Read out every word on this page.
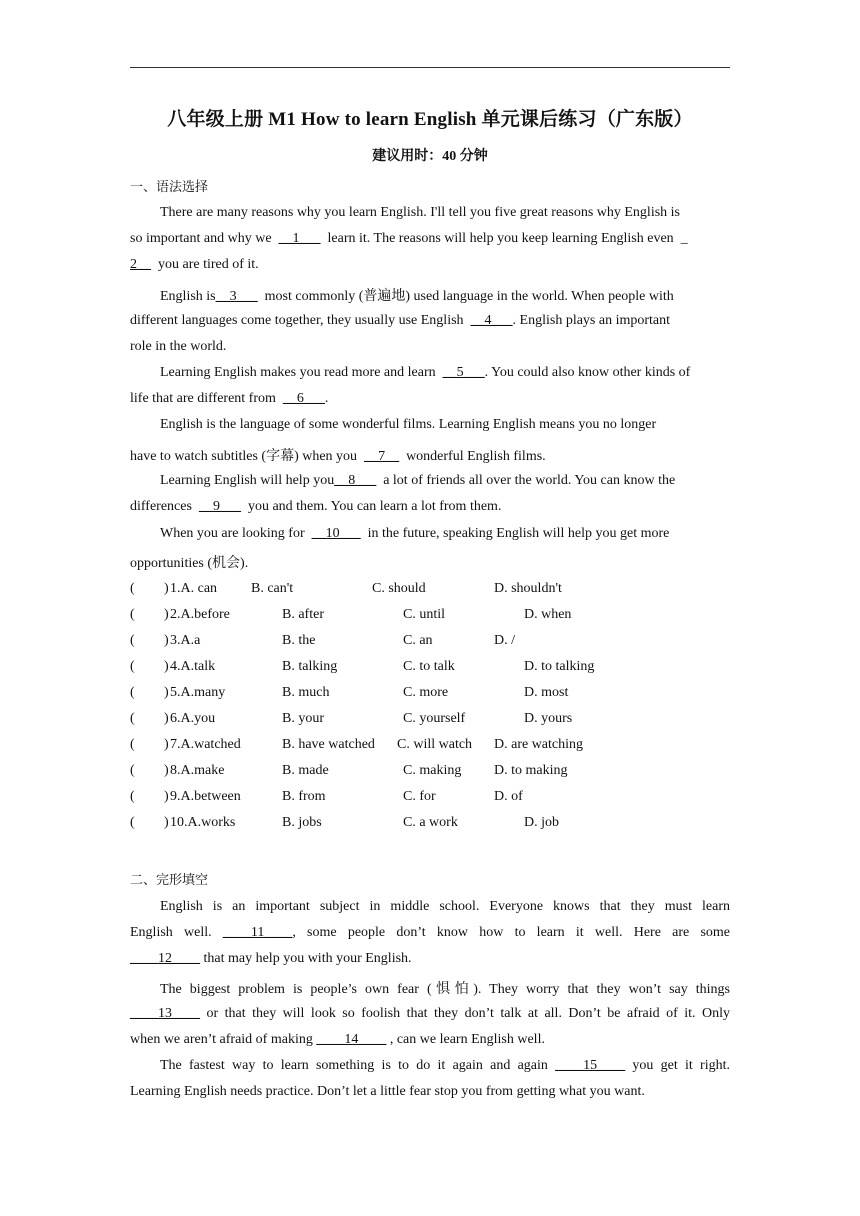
八年级上册 M1 How to learn English 单元课后练习（广东版）
建议用时：40 分钟
一、语法选择
There are many reasons why you learn English. I'll tell you five great reasons why English is
so important and why we __1___ learn it. The reasons will help you keep learning English even _
2__ you are tired of it.
English is__3___ most commonly (普遍地) used language in the world. When people with
different languages come together, they usually use English __4___. English plays an important
role in the world.
Learning English makes you read more and learn __5___. You could also know other kinds of
life that are different from __6___.
English is the language of some wonderful films. Learning English means you no longer
have to watch subtitles (字幕) when you __7__ wonderful English films.
Learning English will help you__8___ a lot of friends all over the world. You can know the
differences __9___ you and them. You can learn a lot from them.
When you are looking for __10___ in the future, speaking English will help you get more
opportunities (机会).
( ) 1.A. can B. can't	C. should	D. shouldn't
( ) 2.A.before	B. after	C. until	D. when
( ) 3.A.a	B. the	C. an	D. /
( ) 4.A.talk	B. talking	C. to talk	D. to talking
( ) 5.A.many	B. much	C. more	D. most
( ) 6.A.you	B. your	C. yourself	D. yours
( ) 7.A.watched	B. have watched C. will watch D. are watching
( ) 8.A.make	B. made	C. making D. to making
( ) 9.A.between	B. from	C. for	D. of
( ) 10.A.works	B. jobs	C. a work	D. job
二、完形填空
English is an important subject in middle school. Everyone knows that they must learn
English well. ____11____, some people don’t know how to learn it well. Here are some
____12____ that may help you with your English.
The biggest problem is people’s own fear (惧怕). They worry that they won’t say things
____13____ or that they will look so foolish that they don’t talk at all. Don’t be afraid of it. Only
when we aren’t afraid of making ____14____ , can we learn English well.
The fastest way to learn something is to do it again and again ____15____ you get it right.
Learning English needs practice. Don’t let a little fear stop you from getting what you want.
